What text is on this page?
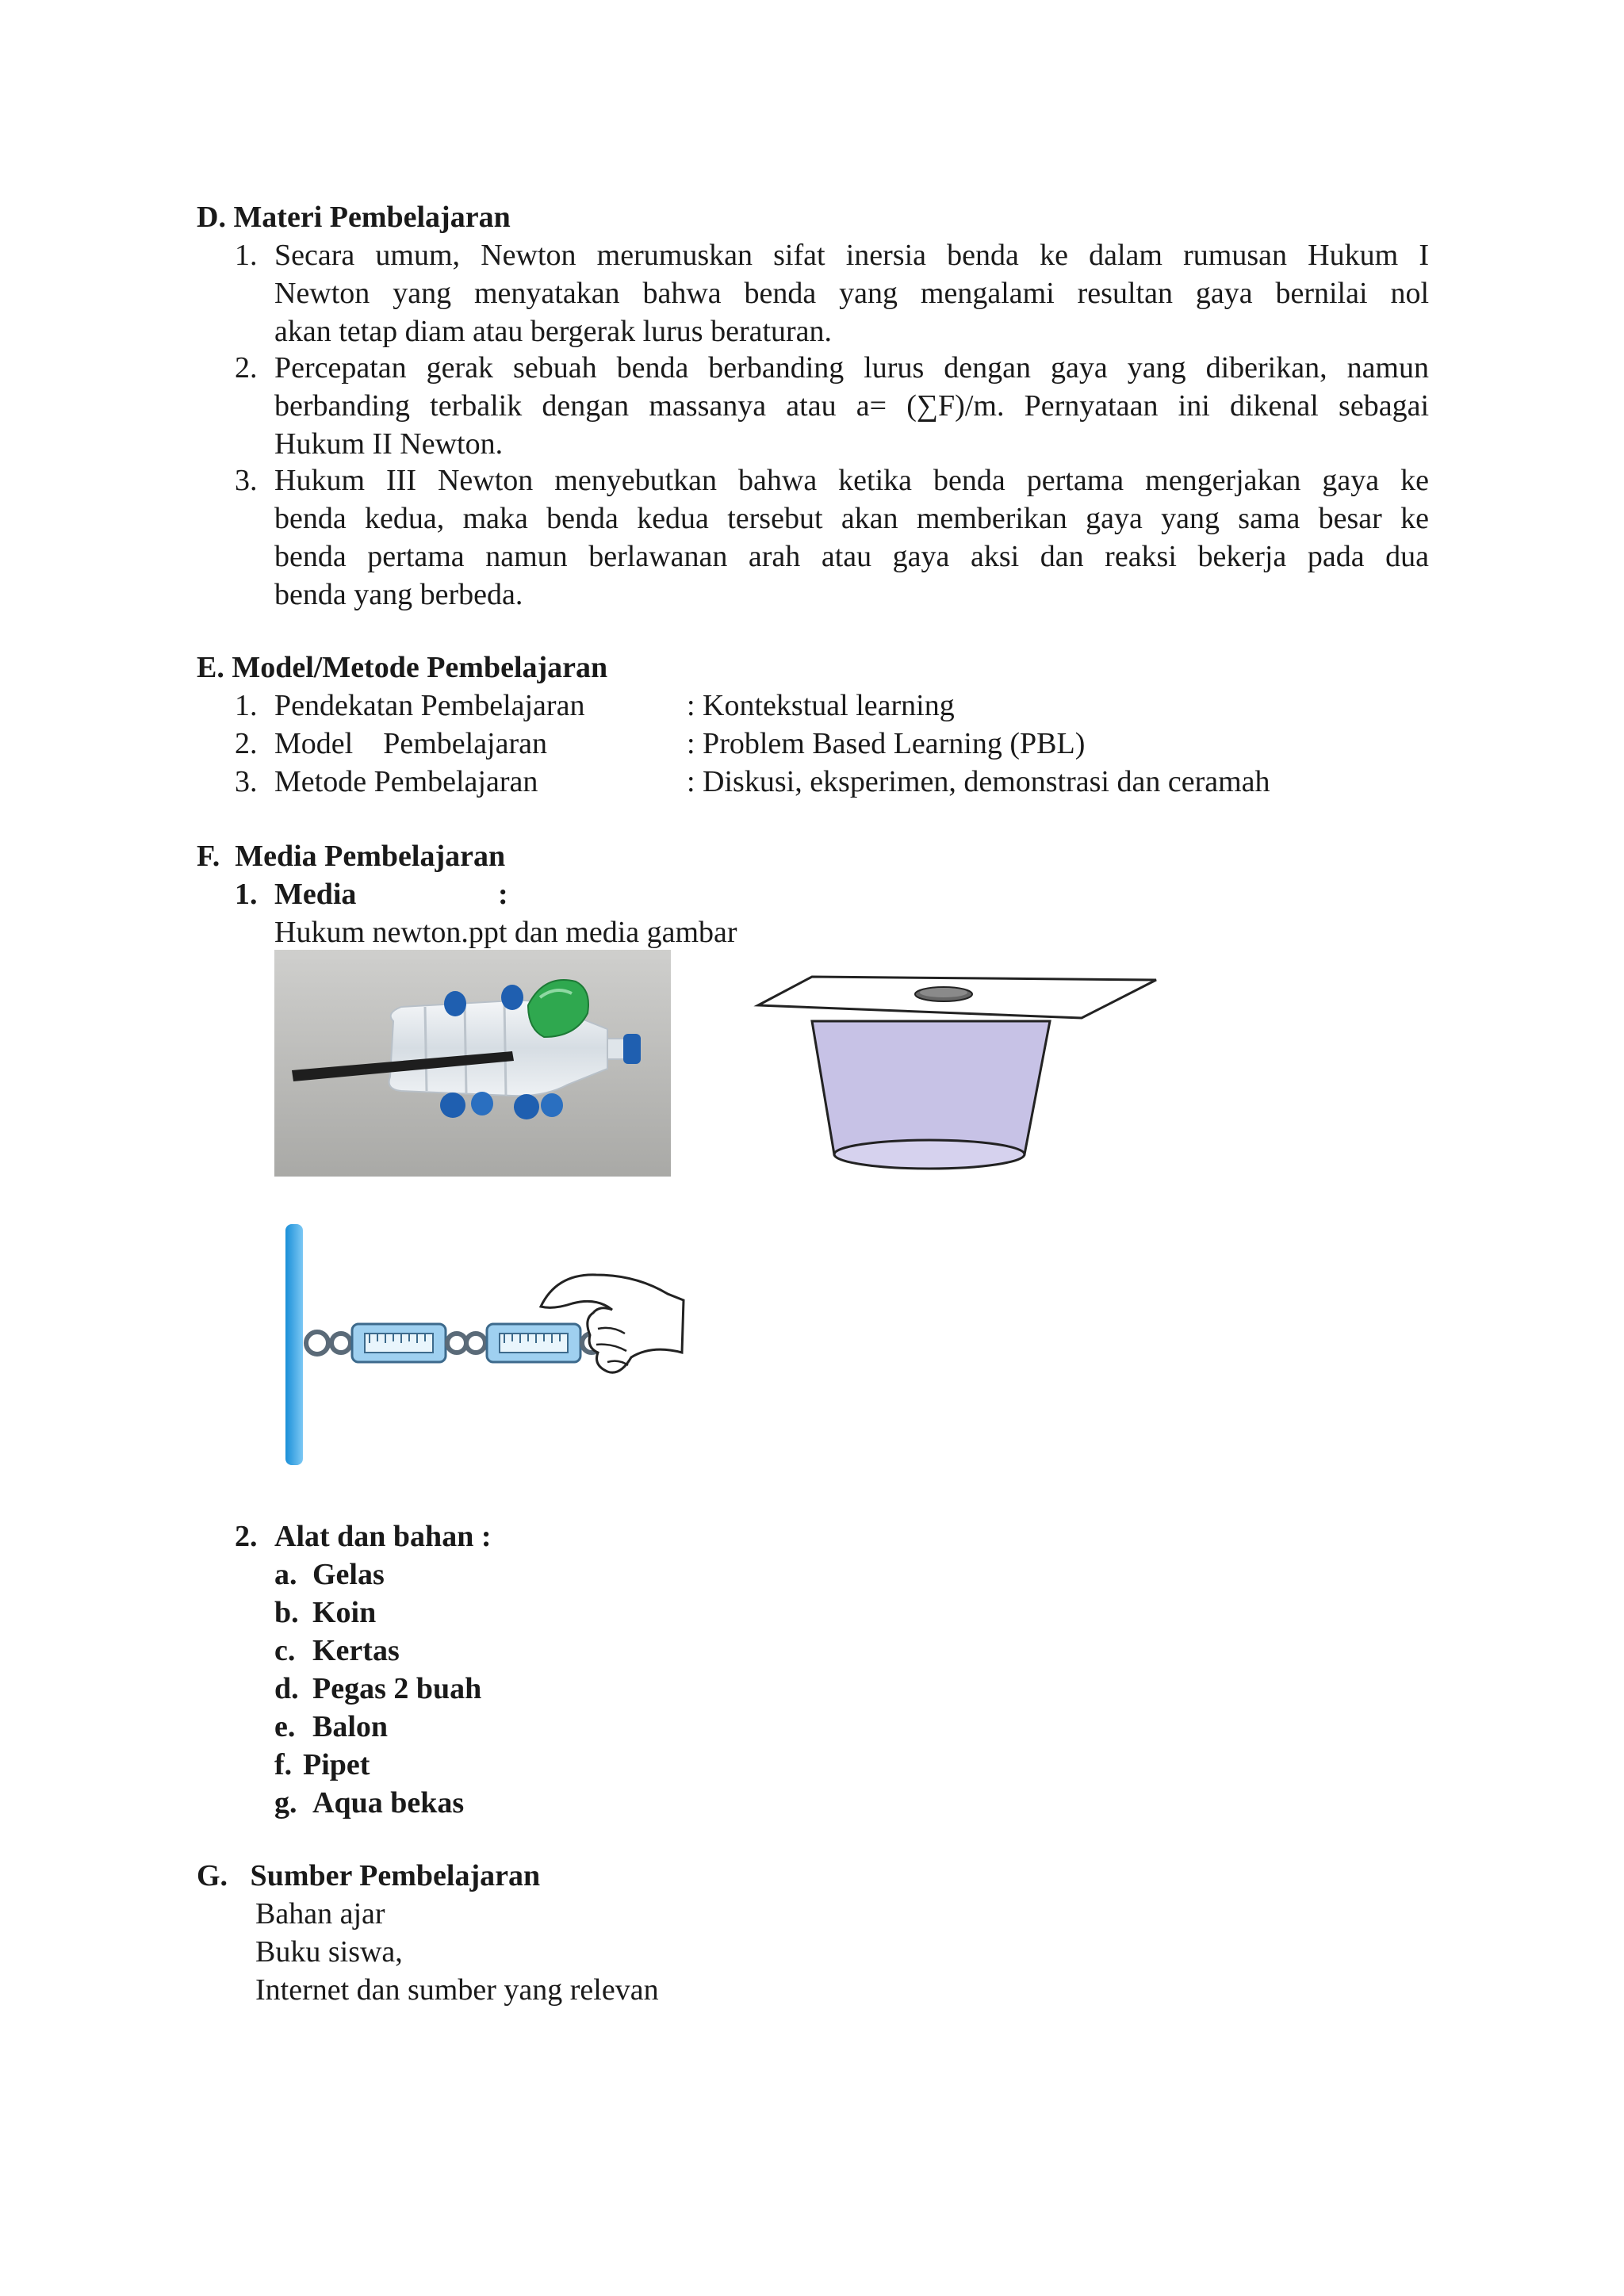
D. Materi Pembelajaran
1. Secara umum, Newton merumuskan sifat inersia benda ke dalam rumusan Hukum I
Newton yang menyatakan bahwa benda yang mengalami resultan gaya bernilai nol
akan tetap diam atau bergerak lurus beraturan.
2. Percepatan gerak sebuah benda berbanding lurus dengan gaya yang diberikan, namun
berbanding terbalik dengan massanya atau a= (∑F)/m. Pernyataan ini dikenal sebagai
Hukum II Newton.
3. Hukum III Newton menyebutkan bahwa ketika benda pertama mengerjakan gaya ke
benda kedua, maka benda kedua tersebut akan memberikan gaya yang sama besar ke
benda pertama namun berlawanan arah atau gaya aksi dan reaksi bekerja pada dua
benda yang berbeda.
E. Model/Metode Pembelajaran
1. Pendekatan Pembelajaran	: Kontekstual learning
2. Model    Pembelajaran	: Problem Based Learning (PBL)
3. Metode Pembelajaran	: Diskusi, eksperimen, demonstrasi dan ceramah
F.  Media Pembelajaran
1. Media	:
Hukum newton.ppt dan media gambar
2. Alat dan bahan :
a. Gelas
b. Koin
c. Kertas
d. Pegas 2 buah
e. Balon
f. Pipet
g. Aqua bekas
G.   Sumber Pembelajaran
Bahan ajar
Buku siswa,
Internet dan sumber yang relevan
